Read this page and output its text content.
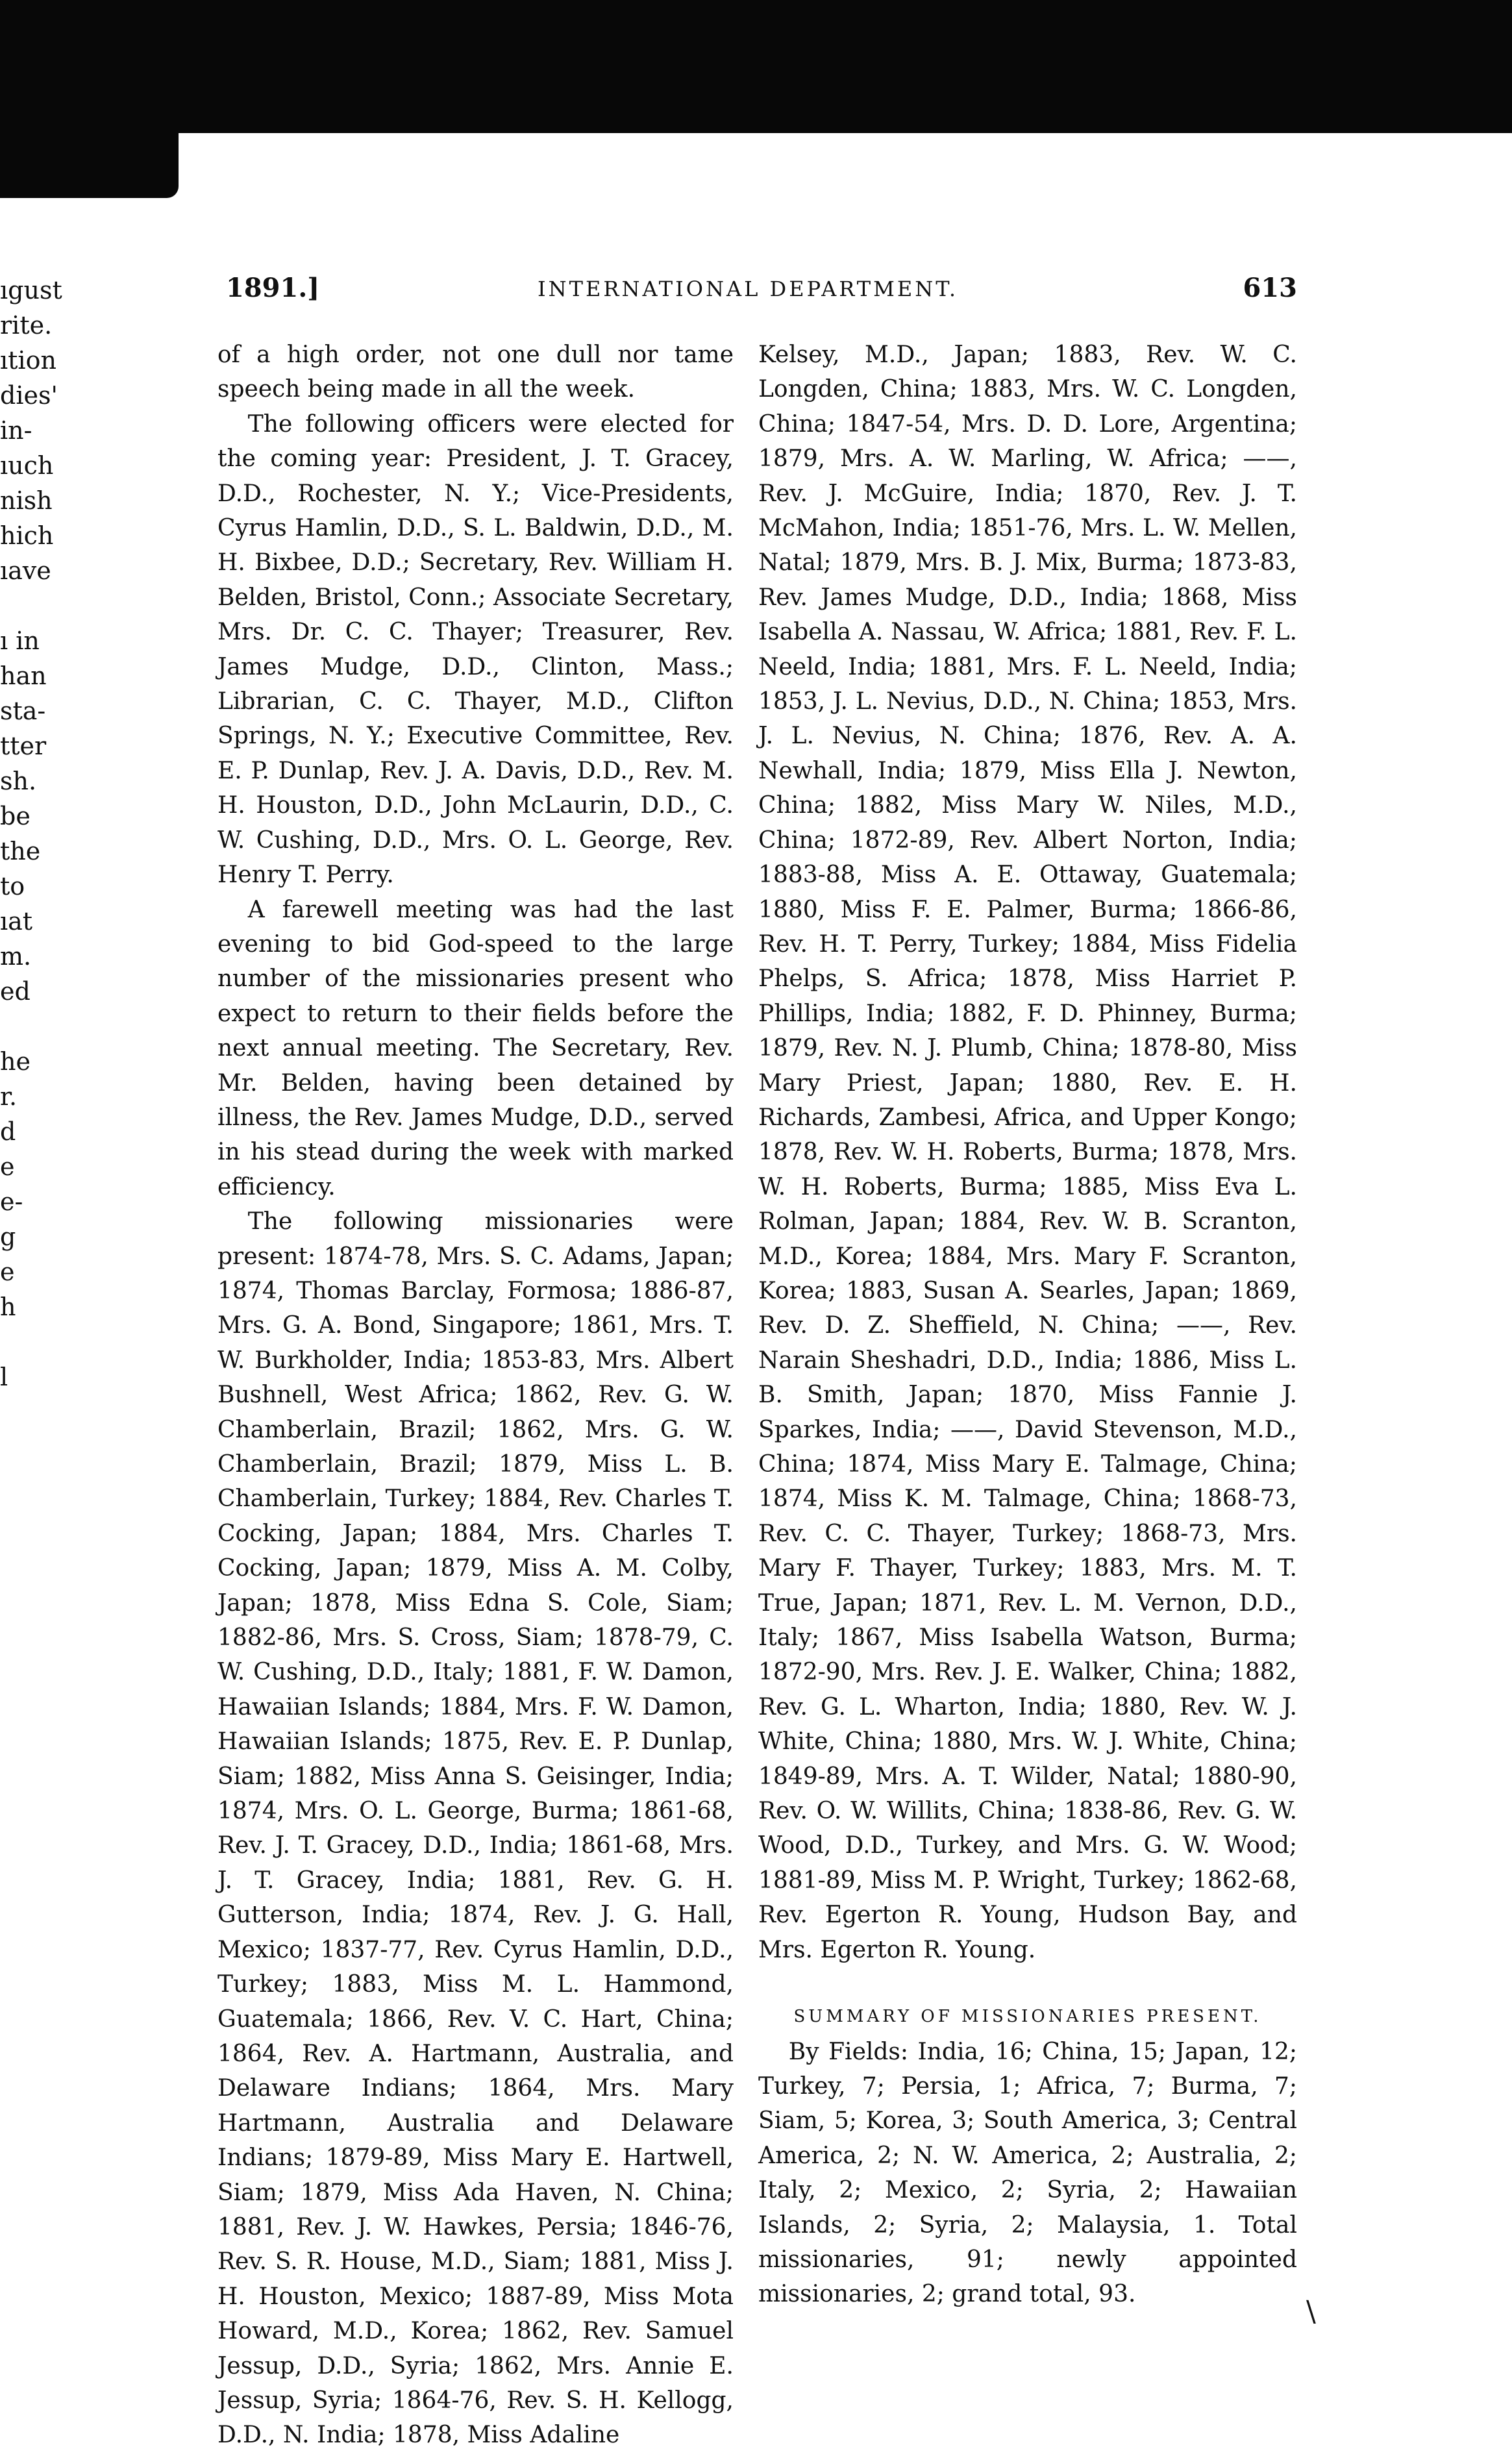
ıgust
rite.
ıtion
dies'
in-
ıuch
nish
hich
ıave

ı in
han
sta-
tter
sh.
be
the
to
ıat
m.
ed

he
r.
d
e
e-
g
e
h

l
1891.]	INTERNATIONAL DEPARTMENT.	613

of a high order, not one dull nor tame speech being made in all the week.

The following officers were elected for the coming year: President, J. T. Gracey, D.D., Rochester, N. Y.; Vice-Presidents, Cyrus Hamlin, D.D., S. L. Baldwin, D.D., M. H. Bixbee, D.D.; Secretary, Rev. William H. Belden, Bristol, Conn.; Associate Secretary, Mrs. Dr. C. C. Thayer; Treasurer, Rev. James Mudge, D.D., Clinton, Mass.; Librarian, C. C. Thayer, M.D., Clifton Springs, N. Y.; Executive Committee, Rev. E. P. Dunlap, Rev. J. A. Davis, D.D., Rev. M. H. Houston, D.D., John McLaurin, D.D., C. W. Cushing, D.D., Mrs. O. L. George, Rev. Henry T. Perry.

A farewell meeting was had the last evening to bid God-speed to the large number of the missionaries present who expect to return to their fields before the next annual meeting. The Secretary, Rev. Mr. Belden, having been detained by illness, the Rev. James Mudge, D.D., served in his stead during the week with marked efficiency.

The following missionaries were present: 1874-78, Mrs. S. C. Adams, Japan; 1874, Thomas Barclay, Formosa; 1886-87, Mrs. G. A. Bond, Singapore; 1861, Mrs. T. W. Burkholder, India; 1853-83, Mrs. Albert Bushnell, West Africa; 1862, Rev. G. W. Chamberlain, Brazil; 1862, Mrs. G. W. Chamberlain, Brazil; 1879, Miss L. B. Chamberlain, Turkey; 1884, Rev. Charles T. Cocking, Japan; 1884, Mrs. Charles T. Cocking, Japan; 1879, Miss A. M. Colby, Japan; 1878, Miss Edna S. Cole, Siam; 1882-86, Mrs. S. Cross, Siam; 1878-79, C. W. Cushing, D.D., Italy; 1881, F. W. Damon, Hawaiian Islands; 1884, Mrs. F. W. Damon, Hawaiian Islands; 1875, Rev. E. P. Dunlap, Siam; 1882, Miss Anna S. Geisinger, India; 1874, Mrs. O. L. George, Burma; 1861-68, Rev. J. T. Gracey, D.D., India; 1861-68, Mrs. J. T. Gracey, India; 1881, Rev. G. H. Gutterson, India; 1874, Rev. J. G. Hall, Mexico; 1837-77, Rev. Cyrus Hamlin, D.D., Turkey; 1883, Miss M. L. Hammond, Guatemala; 1866, Rev. V. C. Hart, China; 1864, Rev. A. Hartmann, Australia, and Delaware Indians; 1864, Mrs. Mary Hartmann, Australia and Delaware Indians; 1879-89, Miss Mary E. Hartwell, Siam; 1879, Miss Ada Haven, N. China; 1881, Rev. J. W. Hawkes, Persia; 1846-76, Rev. S. R. House, M.D., Siam; 1881, Miss J. H. Houston, Mexico; 1887-89, Miss Mota Howard, M.D., Korea; 1862, Rev. Samuel Jessup, D.D., Syria; 1862, Mrs. Annie E. Jessup, Syria; 1864-76, Rev. S. H. Kellogg, D.D., N. India; 1878, Miss Adaline

Kelsey, M.D., Japan; 1883, Rev. W. C. Longden, China; 1883, Mrs. W. C. Longden, China; 1847-54, Mrs. D. D. Lore, Argentina; 1879, Mrs. A. W. Marling, W. Africa; ——, Rev. J. McGuire, India; 1870, Rev. J. T. McMahon, India; 1851-76, Mrs. L. W. Mellen, Natal; 1879, Mrs. B. J. Mix, Burma; 1873-83, Rev. James Mudge, D.D., India; 1868, Miss Isabella A. Nassau, W. Africa; 1881, Rev. F. L. Neeld, India; 1881, Mrs. F. L. Neeld, India; 1853, J. L. Nevius, D.D., N. China; 1853, Mrs. J. L. Nevius, N. China; 1876, Rev. A. A. Newhall, India; 1879, Miss Ella J. Newton, China; 1882, Miss Mary W. Niles, M.D., China; 1872-89, Rev. Albert Norton, India; 1883-88, Miss A. E. Ottaway, Guatemala; 1880, Miss F. E. Palmer, Burma; 1866-86, Rev. H. T. Perry, Turkey; 1884, Miss Fidelia Phelps, S. Africa; 1878, Miss Harriet P. Phillips, India; 1882, F. D. Phinney, Burma; 1879, Rev. N. J. Plumb, China; 1878-80, Miss Mary Priest, Japan; 1880, Rev. E. H. Richards, Zambesi, Africa, and Upper Kongo; 1878, Rev. W. H. Roberts, Burma; 1878, Mrs. W. H. Roberts, Burma; 1885, Miss Eva L. Rolman, Japan; 1884, Rev. W. B. Scranton, M.D., Korea; 1884, Mrs. Mary F. Scranton, Korea; 1883, Susan A. Searles, Japan; 1869, Rev. D. Z. Sheffield, N. China; ——, Rev. Narain Sheshadri, D.D., India; 1886, Miss L. B. Smith, Japan; 1870, Miss Fannie J. Sparkes, India; ——, David Stevenson, M.D., China; 1874, Miss Mary E. Talmage, China; 1874, Miss K. M. Talmage, China; 1868-73, Rev. C. C. Thayer, Turkey; 1868-73, Mrs. Mary F. Thayer, Turkey; 1883, Mrs. M. T. True, Japan; 1871, Rev. L. M. Vernon, D.D., Italy; 1867, Miss Isabella Watson, Burma; 1872-90, Mrs. Rev. J. E. Walker, China; 1882, Rev. G. L. Wharton, India; 1880, Rev. W. J. White, China; 1880, Mrs. W. J. White, China; 1849-89, Mrs. A. T. Wilder, Natal; 1880-90, Rev. O. W. Willits, China; 1838-86, Rev. G. W. Wood, D.D., Turkey, and Mrs. G. W. Wood; 1881-89, Miss M. P. Wright, Turkey; 1862-68, Rev. Egerton R. Young, Hudson Bay, and Mrs. Egerton R. Young.

SUMMARY OF MISSIONARIES PRESENT.

By Fields: India, 16; China, 15; Japan, 12; Turkey, 7; Persia, 1; Africa, 7; Burma, 7; Siam, 5; Korea, 3; South America, 3; Central America, 2; N. W. America, 2; Australia, 2; Italy, 2; Mexico, 2; Syria, 2; Hawaiian Islands, 2; Syria, 2; Malaysia, 1. Total missionaries, 91; newly appointed missionaries, 2; grand total, 93.

\
